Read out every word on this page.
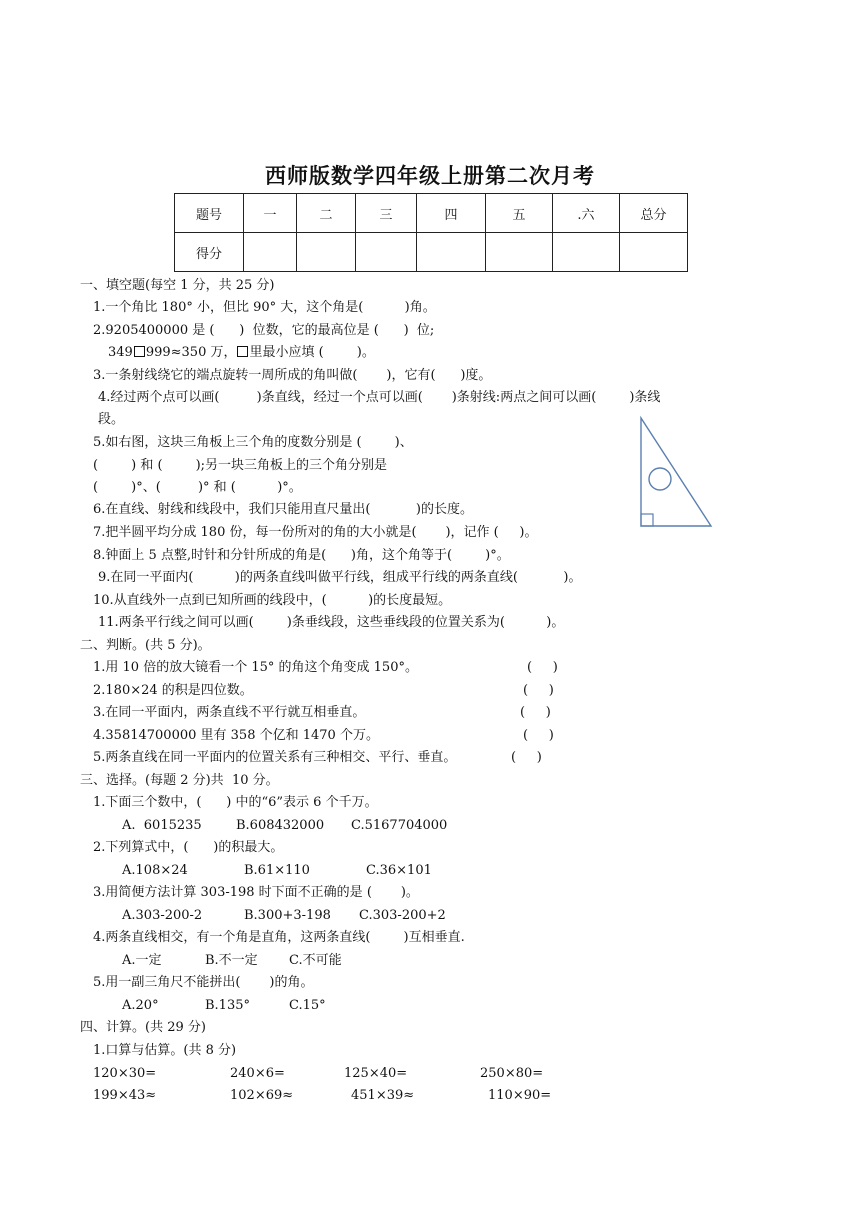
西师版数学四年级上册第二次月考
题号	一	二	三	四	五	.六	总分
得分							
一、填空题(每空 1 分，共 25 分)
1.一个角比 180° 小，但比 90° 大，这个角是(          )角。
2.9205400000 是 (      )  位数，它的最高位是 (      )  位;
349 999≈350 万， 里最小应填 (        )。
3.一条射线绕它的端点旋转一周所成的角叫做(       )，它有(      )度。
4.经过两个点可以画(         )条直线，经过一个点可以画(       )条射线:两点之间可以画(        )条线
段。
5.如右图，这块三角板上三个角的度数分别是 (        )、
(        ) 和 (        );另一块三角板上的三个角分别是
(        )°、(         )° 和 (          )°。
6.在直线、射线和线段中，我们只能用直尺量出(           )的长度。
7.把半圆平均分成 180 份，每一份所对的角的大小就是(       )，记作 (     )。
8.钟面上 5 点整,时针和分针所成的角是(      )角，这个角等于(        )°。
9.在同一平面内(          )的两条直线叫做平行线，组成平行线的两条直线(           )。
10.从直线外一点到已知所画的线段中，(          )的长度最短。
11.两条平行线之间可以画(        )条垂线段，这些垂线段的位置关系为(          )。
二、判断。(共 5 分)。
1.用 10 倍的放大镜看一个 15° 的角这个角变成 150°。	(     )
2.180×24 的积是四位数。	(     )
3.在同一平面内，两条直线不平行就互相垂直。	(     )
4.35814700000 里有 358 个亿和 1470 个万。	(     )
5.两条直线在同一平面内的位置关系有三种相交、平行、垂直。	(     )
三、选择。(每题 2 分)共  10 分。
1.下面三个数中，(      ) 中的“6”表示 6 个千万。
A.  6015235	B.608432000 C.5167704000
2.下列算式中，(      )的积最大。
A.108×24	B.61×110	C.36×101
3.用简便方法计算 303-198 时下面不正确的是 (       )。
A.303-200-2	B.300+3-198 C.303-200+2
4.两条直线相交，有一个角是直角，这两条直线(        )互相垂直.
A.一定	B.不一定 C.不可能
5.用一副三角尺不能拼出(       )的角。
A.20°	B.135°	C.15°
四、计算。(共 29 分)
1.口算与估算。(共 8 分)
120×30=	240×6=	125×40=	250×80=
199×43≈	102×69≈	451×39≈	110×90=
